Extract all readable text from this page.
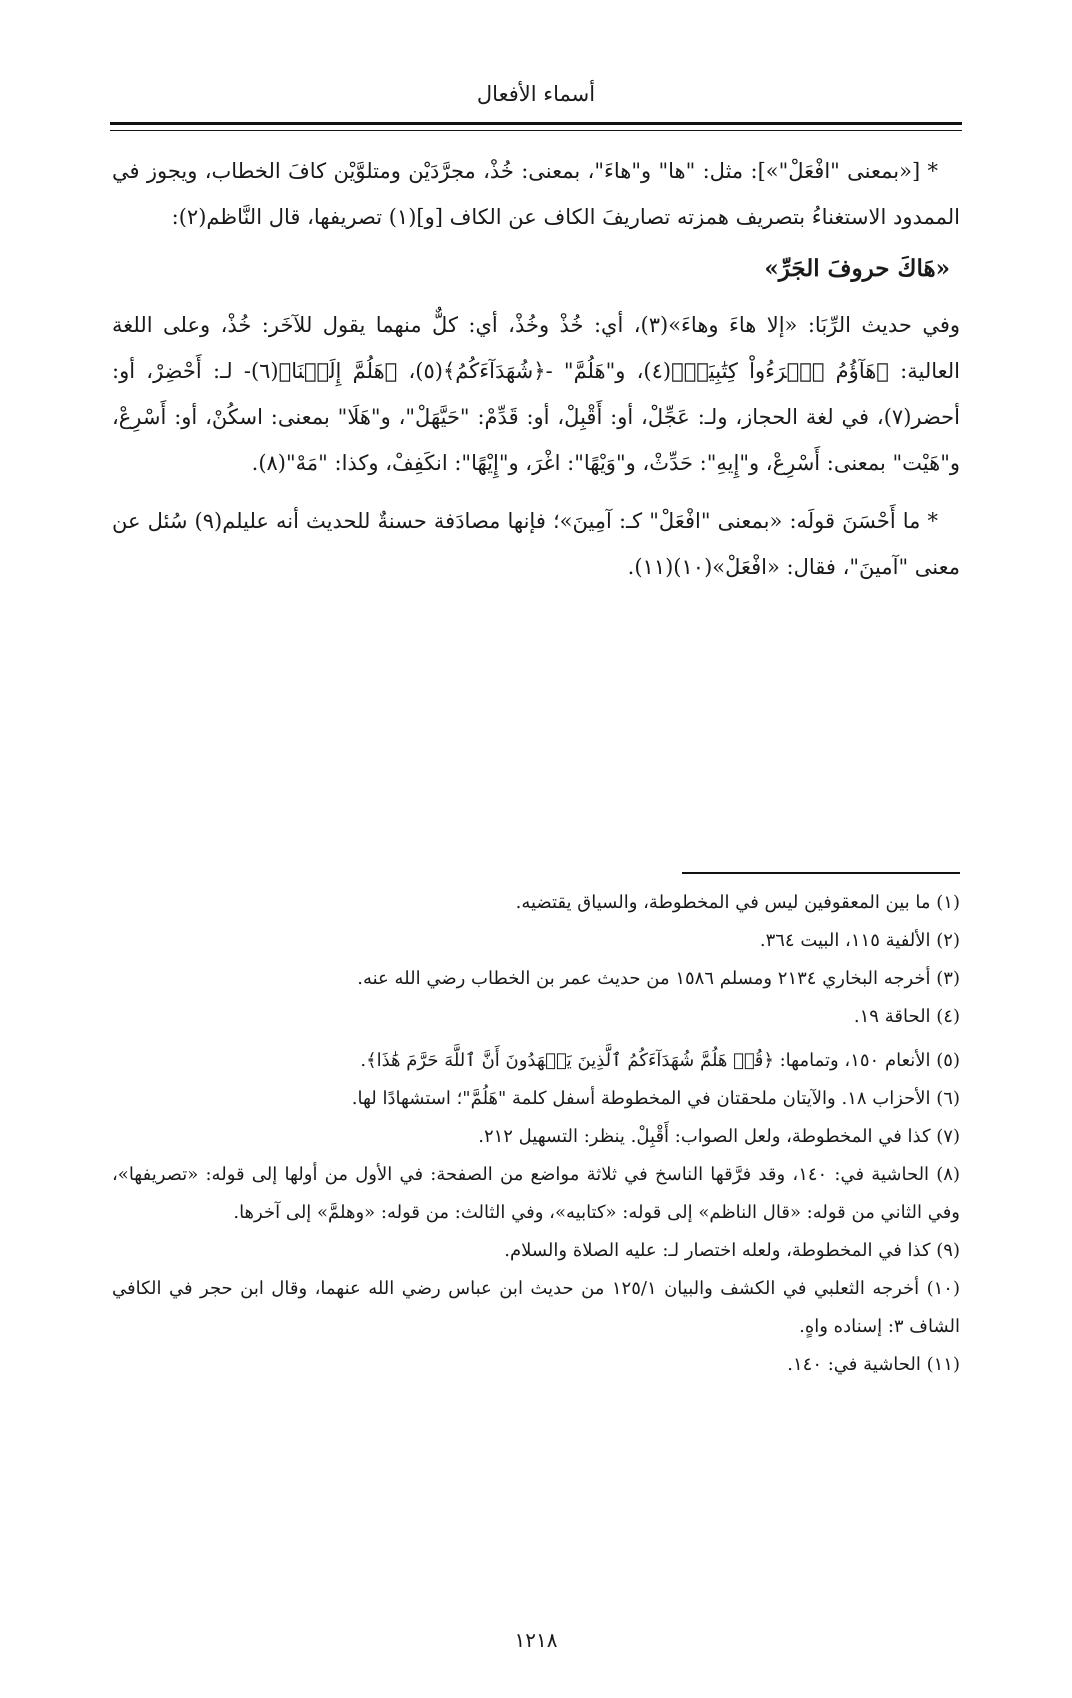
أسماء الأفعال

* [«بمعنى "افْعَلْ"»]: مثل: "ها" و"هاءَ"، بمعنى: خُذْ، مجرَّدَيْن ومتلوَّيْن كافَ الخطاب، ويجوز في الممدود الاستغناءُ بتصريف همزته تصاريفَ الكاف عن الكاف [و](١) تصريفها، قال النَّاظم(٢):

«هَاكَ حروفَ الجَرِّ»

وفي حديث الرِّبَا: «إلا هاءَ وهاءَ»(٣)، أي: خُذْ وخُذْ، أي: كلٌّ منهما يقول للآخَر: خُذْ، وعلى اللغة العالية: ﴿هَآؤُمُ ٱقۡرَءُواْ كِتَٰبِيَهۡ﴾(٤)، و"هَلُمَّ" -﴿شُهَدَآءَكُمُ﴾(٥)، ﴿هَلُمَّ إِلَيۡنَا﴾(٦)- لـ: أَحْضِرْ، أو: أحضر(٧)، في لغة الحجاز، ولـ: عَجِّلْ، أو: أَقْبِلْ، أو: قَدِّمْ: "حَيَّهَلْ"، و"هَلَا" بمعنى: اسكُنْ، أو: أَسْرِعْ، و"هَيْت" بمعنى: أَسْرِعْ، و"إِيهِ": حَدِّثْ، و"وَيْهًا": اغْرَ، و"إِيْهًا": انكَفِفْ، وكذا: "مَهْ"(٨).

* ما أَحْسَنَ قولَه: «بمعنى "افْعَلْ" كـ: آمِينَ»؛ فإنها مصادَفة حسنةٌ للحديث أنه عليلم(٩) سُئل عن معنى "آمينَ"، فقال: «افْعَلْ»(١٠)(١١).

(١) ما بين المعقوفين ليس في المخطوطة، والسياق يقتضيه.

(٢) الألفية ١١٥، البيت ٣٦٤.

(٣) أخرجه البخاري ٢١٣٤ ومسلم ١٥٨٦ من حديث عمر بن الخطاب رضي الله عنه.

(٤) الحاقة ١٩.

(٥) الأنعام ١٥٠، وتمامها: ﴿قُلۡ هَلُمَّ شُهَدَآءَكُمُ ٱلَّذِينَ يَشۡهَدُونَ أَنَّ ٱللَّهَ حَرَّمَ هَٰذَا﴾.

(٦) الأحزاب ١٨. والآيتان ملحقتان في المخطوطة أسفل كلمة "هَلُمَّ"؛ استشهادًا لها.

(٧) كذا في المخطوطة، ولعل الصواب: أَقْبِلْ. ينظر: التسهيل ٢١٢.

(٨) الحاشية في: ١٤٠، وقد فرَّقها الناسخ في ثلاثة مواضع من الصفحة: في الأول من أولها إلى قوله: «تصريفها»، وفي الثاني من قوله: «قال الناظم» إلى قوله: «كتابيه»، وفي الثالث: من قوله: «وهلمَّ» إلى آخرها.

(٩) كذا في المخطوطة، ولعله اختصار لـ: عليه الصلاة والسلام.

(١٠) أخرجه الثعلبي في الكشف والبيان ١٢٥/١ من حديث ابن عباس رضي الله عنهما، وقال ابن حجر في الكافي الشاف ٣: إسناده واهٍ.

(١١) الحاشية في: ١٤٠.

١٢١٨
